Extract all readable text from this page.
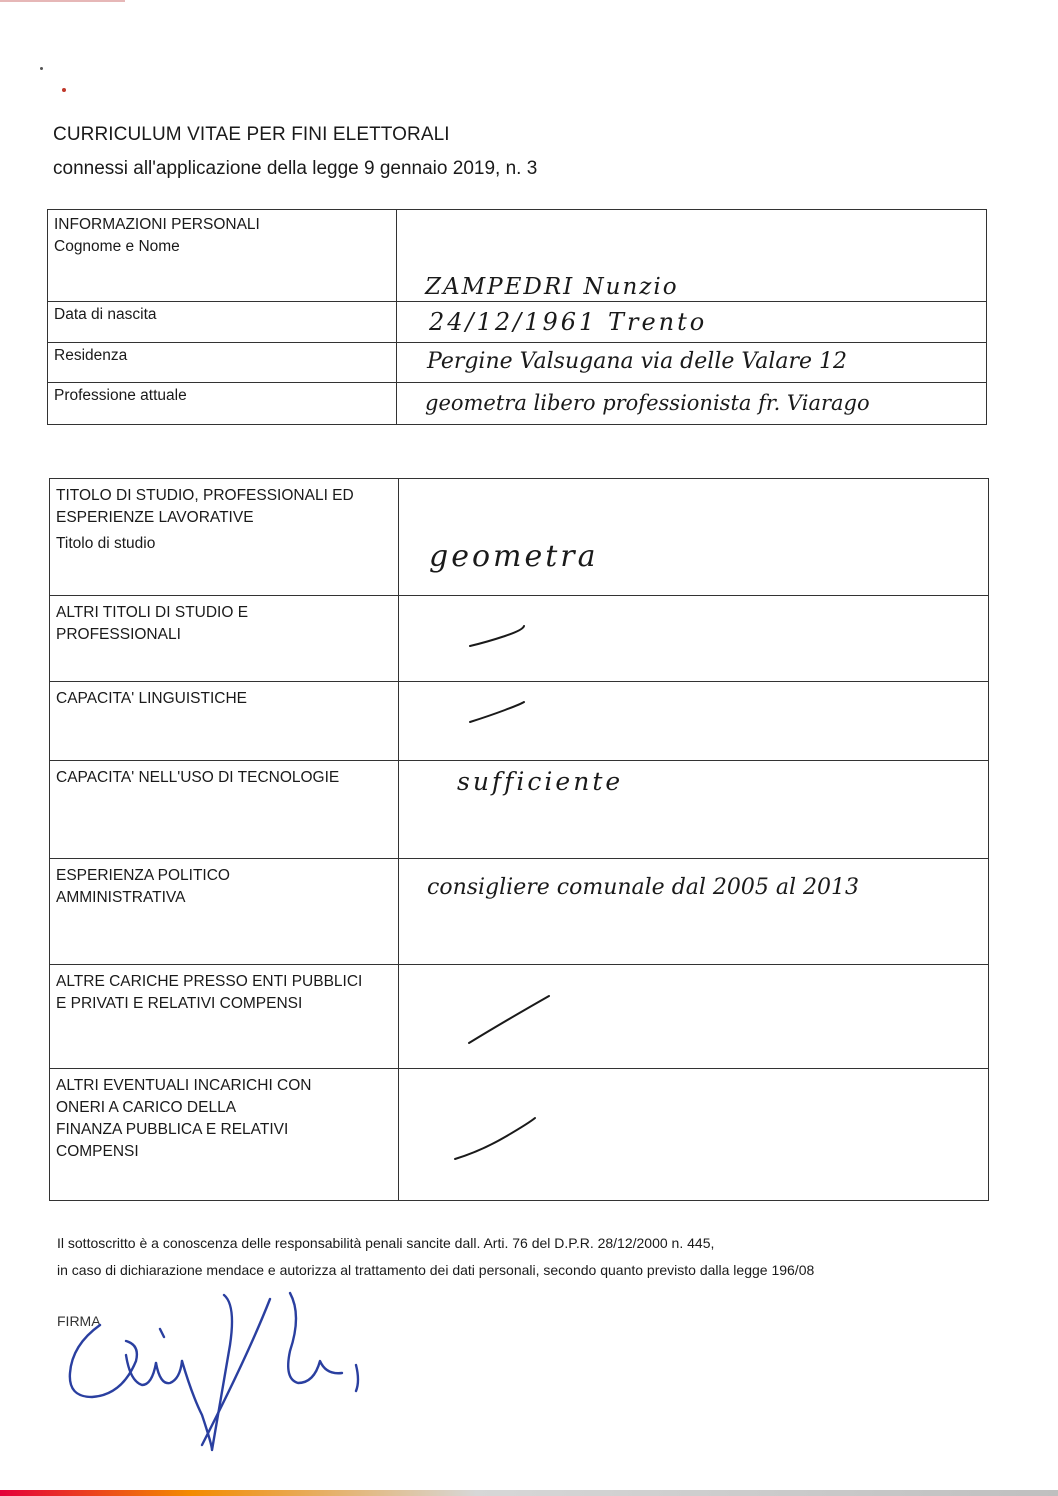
CURRICULUM VITAE PER FINI ELETTORALI
connessi all'applicazione della legge 9 gennaio 2019, n. 3
INFORMAZIONI PERSONALI
Cognome e Nome	ZAMPEDRI Nunzio

Data di nascita	24/12/1961 Trento

Residenza	Pergine Valsugana via delle Valare 12

Professione attuale	geometra libero professionista fr. Viarago
TITOLO DI STUDIO, PROFESSIONALI ED
ESPERIENZE LAVORATIVE
Titolo di studio	geometra

ALTRI TITOLI DI STUDIO E
PROFESSIONALI

CAPACITA' LINGUISTICHE	

CAPACITA' NELL'USO DI TECNOLOGIE	sufficiente

ESPERIENZA POLITICO
AMMINISTRATIVA	consigliere comunale dal 2005 al 2013

ALTRE CARICHE PRESSO ENTI PUBBLICI
E PRIVATI E RELATIVI COMPENSI

ALTRI EVENTUALI INCARICHI CON
ONERI A CARICO DELLA
FINANZA PUBBLICA E RELATIVI
COMPENSI

Il sottoscritto è a conoscenza delle responsabilità penali sancite dall. Arti. 76 del D.P.R. 28/12/2000 n. 445,
in caso di dichiarazione mendace e autorizza al trattamento dei dati personali, secondo quanto previsto dalla legge 196/08
FIRMA
